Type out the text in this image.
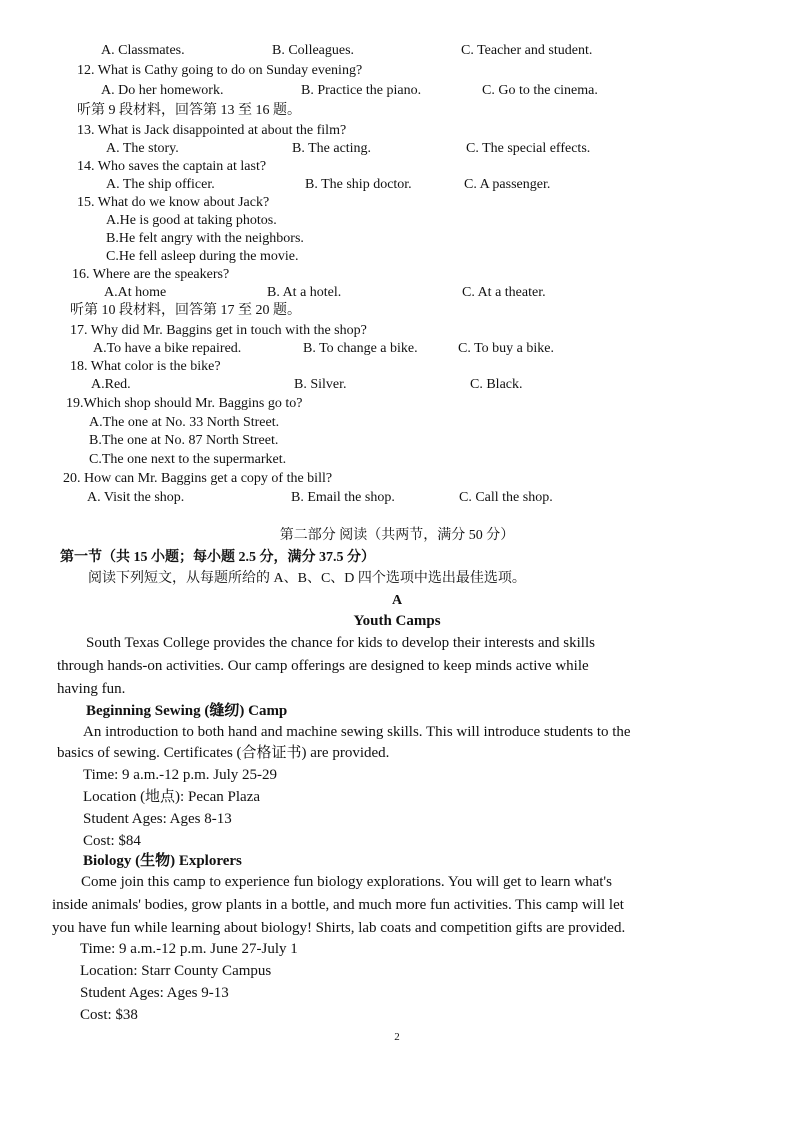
A. Classmates.	B. Colleagues.	C. Teacher and student.
12. What is Cathy going to do on Sunday evening?
A. Do her homework.	B. Practice the piano.	C. Go to the cinema.
听第 9 段材料，回答第 13 至 16 题。
13. What is Jack disappointed at about the film?
A. The story.	B. The acting.	C. The special effects.
14. Who saves the captain at last?
A. The ship officer.	B. The ship doctor.	C. A passenger.
15. What do we know about Jack?
A.He is good at taking photos.
B.He felt angry with the neighbors.
C.He fell asleep during the movie.
16. Where are the speakers?
A.At home	B. At a hotel.	C. At a theater.
听第 10 段材料，回答第 17 至 20 题。
17. Why did Mr. Baggins get in touch with the shop?
A.To have a bike repaired.	B. To change a bike.	C. To buy a bike.
18. What color is the bike?
A.Red.	B. Silver.	C. Black.
19.Which shop should Mr. Baggins go to?
A.The one at No. 33 North Street.
B.The one at No. 87 North Street.
C.The one next to the supermarket.
20. How can Mr. Baggins get a copy of the bill?
A. Visit the shop.	B. Email the shop.	C. Call the shop.
第二部分 阅读（共两节，满分 50 分）
第一节（共 15 小题；每小题 2.5 分，满分 37.5 分）
阅读下列短文，从每题所给的 A、B、C、D 四个选项中选出最佳选项。
A
Youth Camps
South Texas College provides the chance for kids to develop their interests and skills
through hands-on activities. Our camp offerings are designed to keep minds active while
having fun.
Beginning Sewing (缝纫) Camp
An introduction to both hand and machine sewing skills. This will introduce students to the
basics of sewing. Certificates (合格证书) are provided.
Time: 9 a.m.-12 p.m. July 25-29
Location (地点): Pecan Plaza
Student Ages: Ages 8-13
Cost: $84
Biology (生物) Explorers
Come join this camp to experience fun biology explorations. You will get to learn what's
inside animals' bodies, grow plants in a bottle, and much more fun activities. This camp will let
you have fun while learning about biology! Shirts, lab coats and competition gifts are provided.
Time: 9 a.m.-12 p.m. June 27-July 1
Location: Starr County Campus
Student Ages: Ages 9-13
Cost: $38
2
